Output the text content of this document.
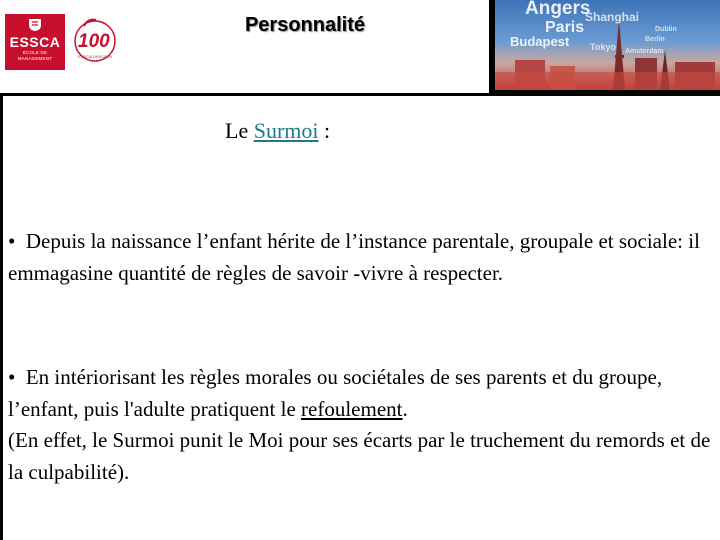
ESSCA
ÉCOLE DE MANAGEMENT
100
ESSCA 1909-2009
Personnalité
Angers
Shanghai
Paris
Budapest Tokyo Amsterdam
Dublin
Berlin
Le Surmoi :
• Depuis la naissance l’enfant hérite de l’instance parentale, groupale et sociale: il emmagasine quantité de règles de savoir -vivre à respecter.
• En intériorisant les règles morales ou sociétales de ses parents et du groupe, l’enfant, puis l'adulte pratiquent le refoulement.
(En effet, le Surmoi punit le Moi pour ses écarts par le truchement du remords et de la culpabilité).
